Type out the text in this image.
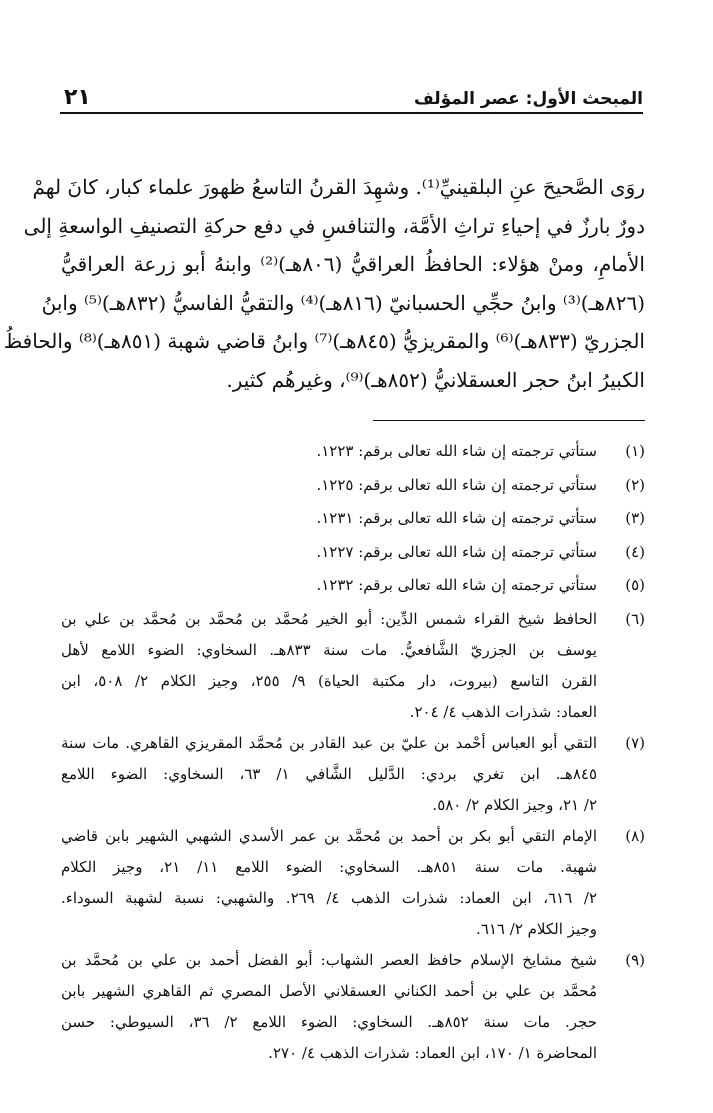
المبحث الأول: عصر المؤلف
٢١
روَى الصَّحيحَ عنِ البلقينيِّ⁽¹⁾. وشهِدَ القرنُ التاسعُ ظهورَ علماء كبار، كانَ لهمْ
دورٌ بارزٌ في إحياءِ تراثِ الأمَّة، والتنافسِ في دفع حركةِ التصنيفِ الواسعةِ إلى
الأمامِ، ومنْ هؤلاء: الحافظُ العراقيُّ (٨٠٦هـ)⁽²⁾ وابنهُ أبو زرعة العراقيُّ
(٨٢٦هـ)⁽³⁾ وابنُ حجِّي الحسبانيّ (٨١٦هـ)⁽⁴⁾ والتقيُّ الفاسيُّ (٨٣٢هـ)⁽⁵⁾ وابنُ
الجزريّ (٨٣٣هـ)⁽⁶⁾ والمقريزيُّ (٨٤٥هـ)⁽⁷⁾ وابنُ قاضي شهبة (٨٥١هـ)⁽⁸⁾ والحافظُ
الكبيرُ ابنُ حجر العسقلانيُّ (٨٥٢هـ)⁽⁹⁾، وغيرهُم كثير.
(١)
ستأتي ترجمته إن شاء الله تعالى برقم: ١٢٢٣.
(٢)
ستأتي ترجمته إن شاء الله تعالى برقم: ١٢٢٥.
(٣)
ستأتي ترجمته إن شاء الله تعالى برقم: ١٢٣١.
(٤)
ستأتي ترجمته إن شاء الله تعالى برقم: ١٢٢٧.
(٥)
ستأتي ترجمته إن شاء الله تعالى برقم: ١٢٣٢.
(٦)
الحافظ شيخ القراء شمس الدِّين: أبو الخير مُحمَّد بن مُحمَّد بن مُحمَّد بن علي بن
يوسف بن الجزريّ الشَّافعيُّ. مات سنة ٨٣٣هـ. السخاوي: الضوء اللامع لأهل
القرن التاسع (بيروت، دار مكتبة الحياة) ٩/ ٢٥٥، وجيز الكلام ٢/ ٥٠٨، ابن
العماد: شذرات الذهب ٤/ ٢٠٤.
(٧)
التقي أبو العباس أحْمد بن عليّ بن عبد القادر بن مُحمَّد المقريزي القاهري. مات سنة
٨٤٥هـ. ابن تغري بردي: الدَّليل الشَّافي ١/ ٦٣، السخاوي: الضوء اللامع
٢/ ٢١، وجيز الكلام ٢/ ٥٨٠.
(٨)
الإمام التقي أبو بكر بن أحمد بن مُحمَّد بن عمر الأسدي الشهبي الشهير بابن قاضي
شهبة. مات سنة ٨٥١هـ. السخاوي: الضوء اللامع ١١/ ٢١، وجيز الكلام
٢/ ٦١٦، ابن العماد: شذرات الذهب ٤/ ٢٦٩. والشهبي: نسبة لشهبة السوداء.
وجيز الكلام ٢/ ٦١٦.
(٩)
شيخ مشايخ الإسلام حافظ العصر الشهاب: أبو الفضل أحمد بن علي بن مُحمَّد بن
مُحمَّد بن علي بن أحمد الكناني العسقلاني الأصل المصري ثم القاهري الشهير بابن
حجر. مات سنة ٨٥٢هـ. السخاوي: الضوء اللامع ٢/ ٣٦، السيوطي: حسن
المحاضرة ١/ ١٧٠، ابن العماد: شذرات الذهب ٤/ ٢٧٠.
